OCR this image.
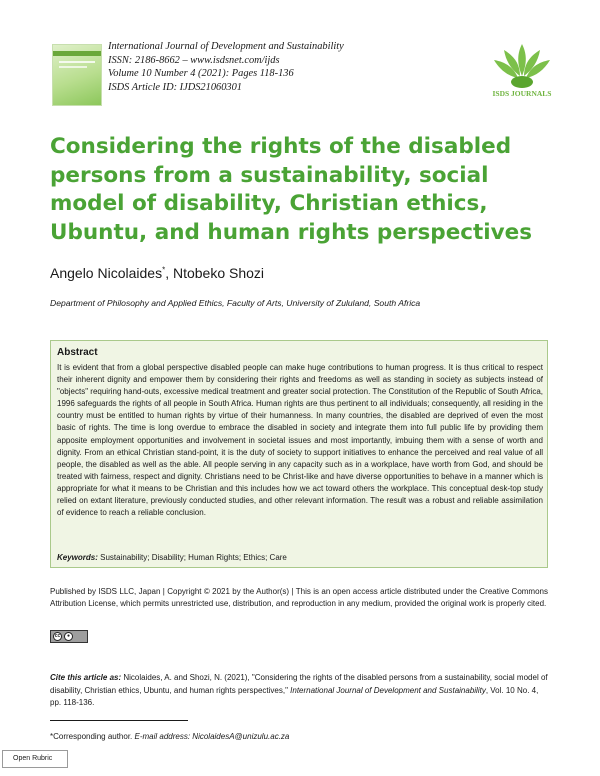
International Journal of Development and Sustainability
ISSN: 2186-8662 – www.isdsnet.com/ijds
Volume 10 Number 4 (2021): Pages 118-136
ISDS Article ID: IJDS21060301
ISDS JOURNALS
Considering the rights of the disabled
persons from a sustainability, social
model of disability, Christian ethics,
Ubuntu, and human rights perspectives
Angelo Nicolaides*, Ntobeko Shozi
Department of Philosophy and Applied Ethics, Faculty of Arts, University of Zululand, South Africa
Abstract
It is evident that from a global perspective disabled people can make huge contributions to human progress. It is thus critical to respect their inherent dignity and empower them by considering their rights and freedoms as well as standing in society as subjects instead of "objects" requiring hand-outs, excessive medical treatment and greater social protection. The Constitution of the Republic of South Africa, 1996 safeguards the rights of all people in South Africa. Human rights are thus pertinent to all individuals; consequently, all residing in the country must be entitled to human rights by virtue of their humanness. In many countries, the disabled are deprived of even the most basic of rights. The time is long overdue to embrace the disabled in society and integrate them into full public life by providing them apposite employment opportunities and involvement in societal issues and most importantly, imbuing them with a sense of worth and dignity. From an ethical Christian stand-point, it is the duty of society to support initiatives to enhance the perceived and real value of all people, the disabled as well as the able. All people serving in any capacity such as in a workplace, have worth from God, and should be treated with fairness, respect and dignity. Christians need to be Christ-like and have diverse opportunities to behave in a manner which is appropriate for what it means to be Christian and this includes how we act toward others the workplace. This conceptual desk-top study relied on extant literature, previously conducted studies, and other relevant information. The result was a robust and reliable assimilation of evidence to reach a reliable conclusion.
Keywords: Sustainability; Disability; Human Rights; Ethics; Care
Published by ISDS LLC, Japan | Copyright © 2021 by the Author(s) | This is an open access article distributed under the Creative Commons Attribution License, which permits unrestricted use, distribution, and reproduction in any medium, provided the original work is properly cited.
cc	●
Cite this article as: Nicolaides, A. and Shozi, N. (2021), "Considering the rights of the disabled persons from a sustainability, social model of disability, Christian ethics, Ubuntu, and human rights perspectives," International Journal of Development and Sustainability, Vol. 10 No. 4, pp. 118-136.
*Corresponding author. E-mail address: NicolaidesA@unizulu.ac.za
Open Rubric
